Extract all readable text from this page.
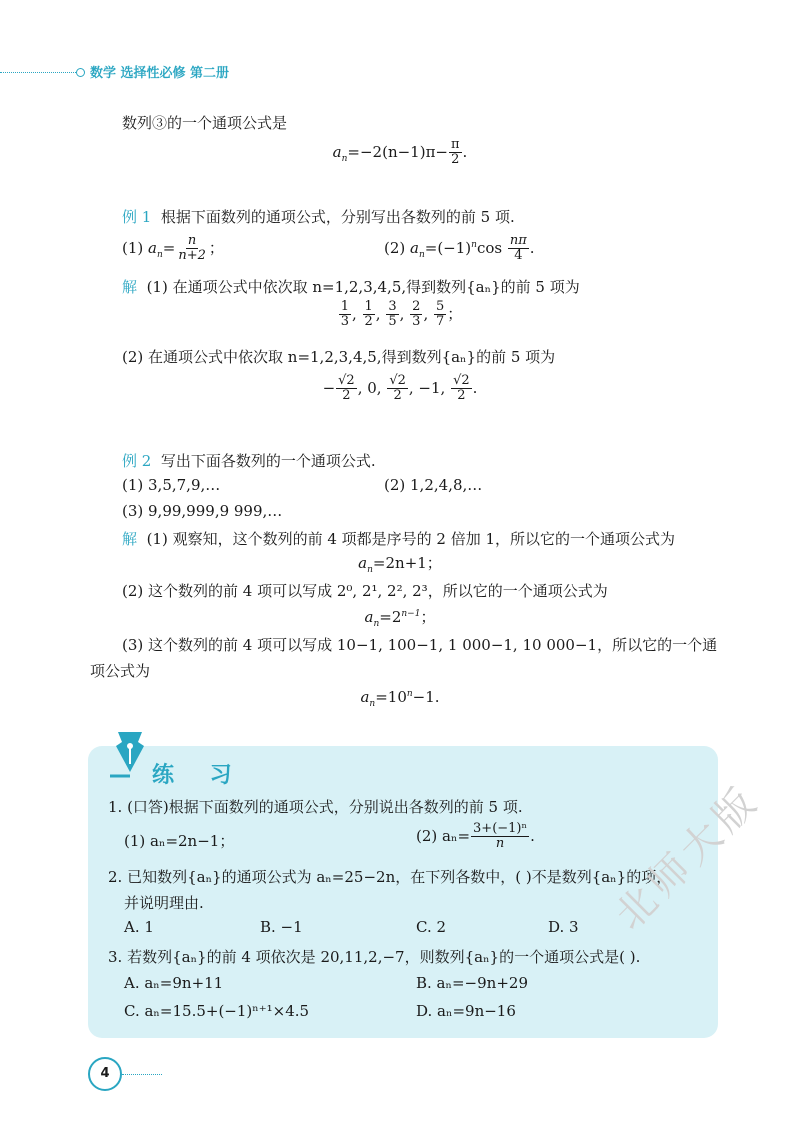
数学 选择性必修 第二册
数列③的一个通项公式是
$a_n=-2(n-1)\pi- \frac{\pi}{2}$ .
例 1 根据下面数列的通项公式，分别写出各数列的前 5 项.
(1) $a_n= \frac{n}{n+2}$ ；	(2) $a_n=(-1)^n\cos \frac{n\pi}{4}$ .
解 (1) 在通项公式中依次取 n=1,2,3,4,5,得到数列{aₙ}的前 5 项为
$\frac{1}{3}$ , $\frac{1}{2}$ , $\frac{3}{5}$ , $\frac{2}{3}$ , $\frac{5}{7}$ ；
(2) 在通项公式中依次取 n=1,2,3,4,5,得到数列{aₙ}的前 5 项为
− $\frac{√2}{2}$ , 0, $\frac{√2}{2}$ , −1, $\frac{√2}{2}$ .
例 2 写出下面各数列的一个通项公式.
(1) 3,5,7,9,…	(2) 1,2,4,8,…
(3) 9,99,999,9 999,…
解 (1) 观察知，这个数列的前 4 项都是序号的 2 倍加 1，所以它的一个通项公式为
$a_n=2n+1$；
(2) 这个数列的前 4 项可以写成 2⁰, 2¹, 2², 2³，所以它的一个通项公式为
$a_n=2^{n-1}$；
(3) 这个数列的前 4 项可以写成 10−1, 100−1, 1 000−1, 10 000−1，所以它的一个通
项公式为
$a_n=10^n-1$.
练 习
1. (口答)根据下面数列的通项公式，分别说出各数列的前 5 项.
(1) aₙ=2n−1；	(2) $a_n= \frac{\text{3+(−1)ⁿ}}{n}$ .
2. 已知数列{aₙ}的通项公式为 aₙ=25−2n，在下列各数中，( )不是数列{aₙ}的项，
并说明理由.
A. 1	B. −1	C. 2	D. 3
3. 若数列{aₙ}的前 4 项依次是 20,11,2,−7，则数列{aₙ}的一个通项公式是( ).
A. aₙ=9n+11	B. aₙ=−9n+29
C. aₙ=15.5+(−1)ⁿ⁺¹×4.5	D. aₙ=9n−16
4
北师大版
